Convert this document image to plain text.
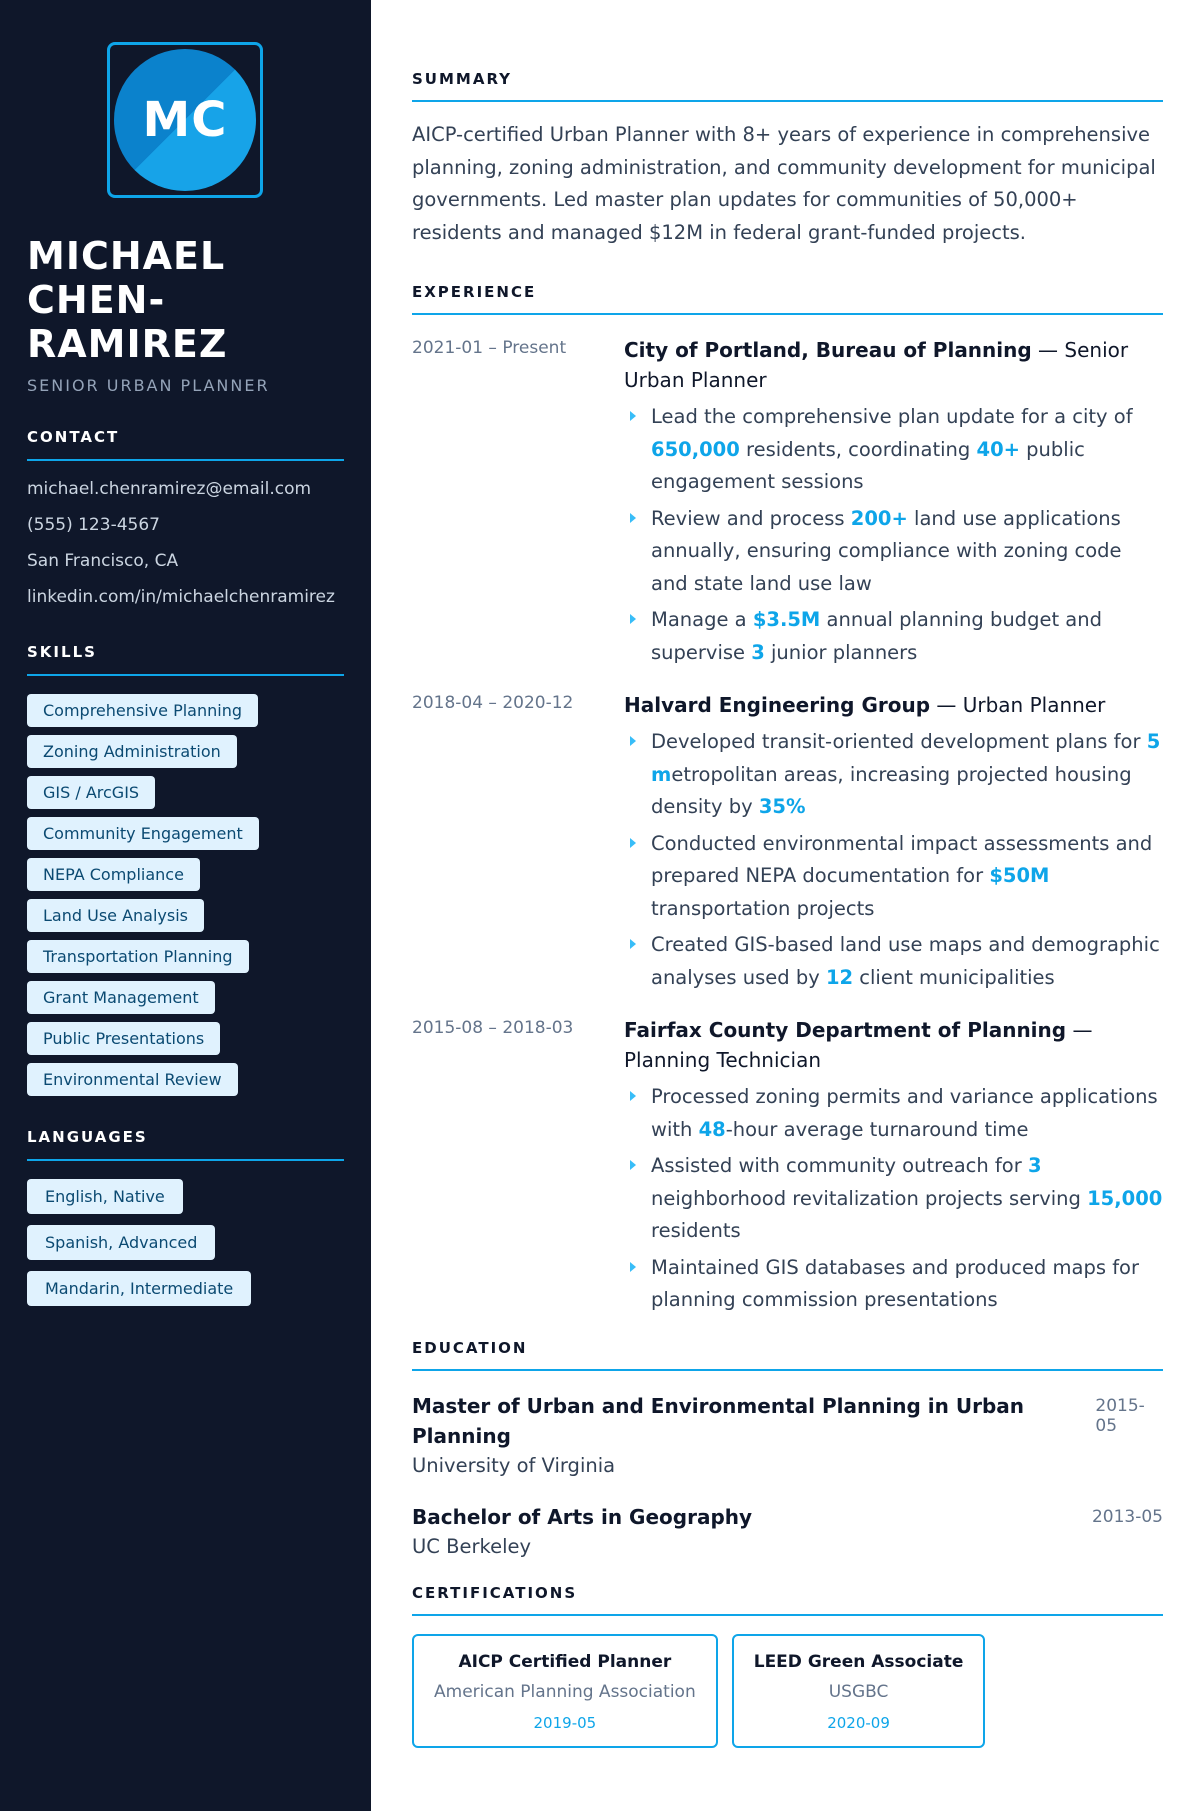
MC
MICHAEL CHEN-RAMIREZ
SENIOR URBAN PLANNER
CONTACT
michael.chenramirez@email.com
(555) 123-4567
San Francisco, CA
linkedin.com/in/michaelchenramirez
SKILLS
Comprehensive Planning
Zoning Administration
GIS / ArcGIS
Community Engagement
NEPA Compliance
Land Use Analysis
Transportation Planning
Grant Management
Public Presentations
Environmental Review
LANGUAGES
English, Native
Spanish, Advanced
Mandarin, Intermediate
SUMMARY

AICP-certified Urban Planner with 8+ years of experience in comprehensive planning, zoning administration, and community development for municipal governments. Led master plan updates for communities of 50,000+ residents and managed $12M in federal grant-funded projects.

EXPERIENCE
2021-01 – Present	City of Portland, Bureau of Planning — Senior Urban Planner
Lead the comprehensive plan update for a city of 650,000 residents, coordinating 40+ public engagement sessions
Review and process 200+ land use applications annually, ensuring compliance with zoning code and state land use law
Manage a $3.5M annual planning budget and supervise 3 junior planners
2018-04 – 2020-12	Halvard Engineering Group — Urban Planner
Developed transit-oriented development plans for 5 metropolitan areas, increasing projected housing density by 35%
Conducted environmental impact assessments and prepared NEPA documentation for $50M transportation projects
Created GIS-based land use maps and demographic analyses used by 12 client municipalities
2015-08 – 2018-03	Fairfax County Department of Planning — Planning Technician
Processed zoning permits and variance applications with 48-hour average turnaround time
Assisted with community outreach for 3 neighborhood revitalization projects serving 15,000 residents
Maintained GIS databases and produced maps for planning commission presentations
EDUCATION
Master of Urban and Environmental Planning in Urban Planning
University of Virginia
2015-05
Bachelor of Arts in Geography
UC Berkeley
2013-05
CERTIFICATIONS
AICP Certified Planner
American Planning Association
2019-05
LEED Green Associate
USGBC
2020-09
